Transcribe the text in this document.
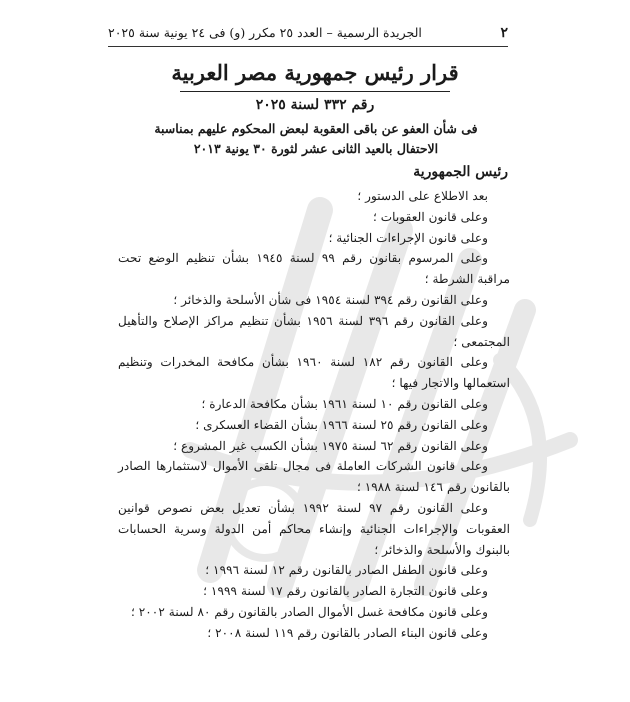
٢
الجريدة الرسمية – العدد ٢٥ مكرر (و) فى ٢٤ يونية سنة ٢٠٢٥
قرار رئيس جمهورية مصر العربية
رقم ٣٣٢ لسنة ٢٠٢٥
فى شأن العفو عن باقى العقوبة لبعض المحكوم عليهم بمناسبة
الاحتفال بالعيد الثانى عشر لثورة ٣٠ يونية ٢٠١٣
رئيس الجمهورية

بعد الاطلاع على الدستور ؛

وعلى قانون العقوبات ؛

وعلى قانون الإجراءات الجنائية ؛

وعلى المرسوم بقانون رقم ٩٩ لسنة ١٩٤٥ بشأن تنظيم الوضع تحت مراقبة الشرطة ؛

وعلى القانون رقم ٣٩٤ لسنة ١٩٥٤ فى شأن الأسلحة والذخائر ؛

وعلى القانون رقم ٣٩٦ لسنة ١٩٥٦ بشأن تنظيم مراكز الإصلاح والتأهيل المجتمعى ؛

وعلى القانون رقم ١٨٢ لسنة ١٩٦٠ بشأن مكافحة المخدرات وتنظيم استعمالها والاتجار فيها ؛

وعلى القانون رقم ١٠ لسنة ١٩٦١ بشأن مكافحة الدعارة ؛

وعلى القانون رقم ٢٥ لسنة ١٩٦٦ بشأن القضاء العسكرى ؛

وعلى القانون رقم ٦٢ لسنة ١٩٧٥ بشأن الكسب غير المشروع ؛

وعلى قانون الشركات العاملة فى مجال تلقى الأموال لاستثمارها الصادر بالقانون رقم ١٤٦ لسنة ١٩٨٨ ؛

وعلى القانون رقم ٩٧ لسنة ١٩٩٢ بشأن تعديل بعض نصوص قوانين العقوبات والإجراءات الجنائية وإنشاء محاكم أمن الدولة وسرية الحسابات بالبنوك والأسلحة والذخائر ؛

وعلى قانون الطفل الصادر بالقانون رقم ١٢ لسنة ١٩٩٦ ؛

وعلى قانون التجارة الصادر بالقانون رقم ١٧ لسنة ١٩٩٩ ؛

وعلى قانون مكافحة غسل الأموال الصادر بالقانون رقم ٨٠ لسنة ٢٠٠٢ ؛

وعلى قانون البناء الصادر بالقانون رقم ١١٩ لسنة ٢٠٠٨ ؛
